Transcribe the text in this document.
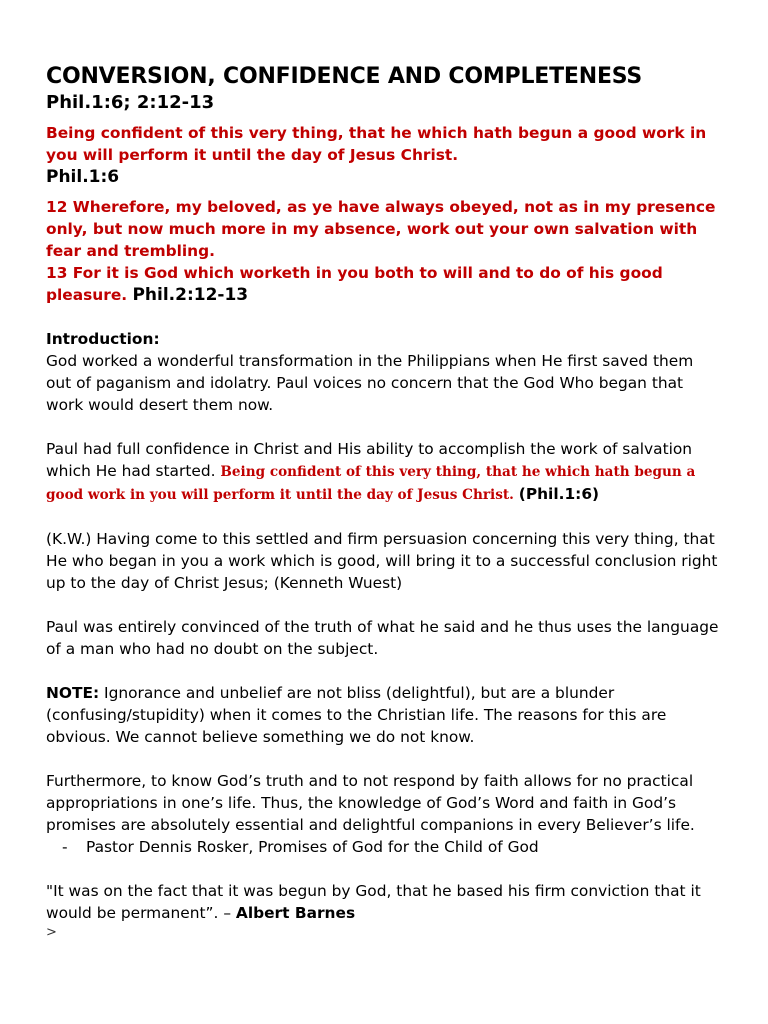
CONVERSION, CONFIDENCE AND COMPLETENESS
Phil.1:6; 2:12-13

Being confident of this very thing, that he which hath begun a good work in you will perform it until the day of Jesus Christ.

Phil.1:6

12 Wherefore, my beloved, as ye have always obeyed, not as in my presence only, but now much more in my absence, work out your own salvation with fear and trembling.

13 For it is God which worketh in you both to will and to do of his good pleasure. Phil.2:12-13

Introduction:

God worked a wonderful transformation in the Philippians when He first saved them out of paganism and idolatry. Paul voices no concern that the God Who began that work would desert them now.

Paul had full confidence in Christ and His ability to accomplish the work of salvation which He had started. Being confident of this very thing, that he which hath begun a good work in you will perform it until the day of Jesus Christ. (Phil.1:6)

(K.W.) Having come to this settled and firm persuasion concerning this very thing, that He who began in you a work which is good, will bring it to a successful conclusion right up to the day of Christ Jesus; (Kenneth Wuest)

Paul was entirely convinced of the truth of what he said and he thus uses the language of a man who had no doubt on the subject.

NOTE: Ignorance and unbelief are not bliss (delightful), but are a blunder (confusing/stupidity) when it comes to the Christian life. The reasons for this are obvious. We cannot believe something we do not know.

Furthermore, to know God’s truth and to not respond by faith allows for no practical appropriations in one’s life. Thus, the knowledge of God’s Word and faith in God’s promises are absolutely essential and delightful companions in every Believer’s life.

-	Pastor Dennis Rosker, Promises of God for the Child of God

"It was on the fact that it was begun by God, that he based his firm conviction that it would be permanent”. – Albert Barnes

>
